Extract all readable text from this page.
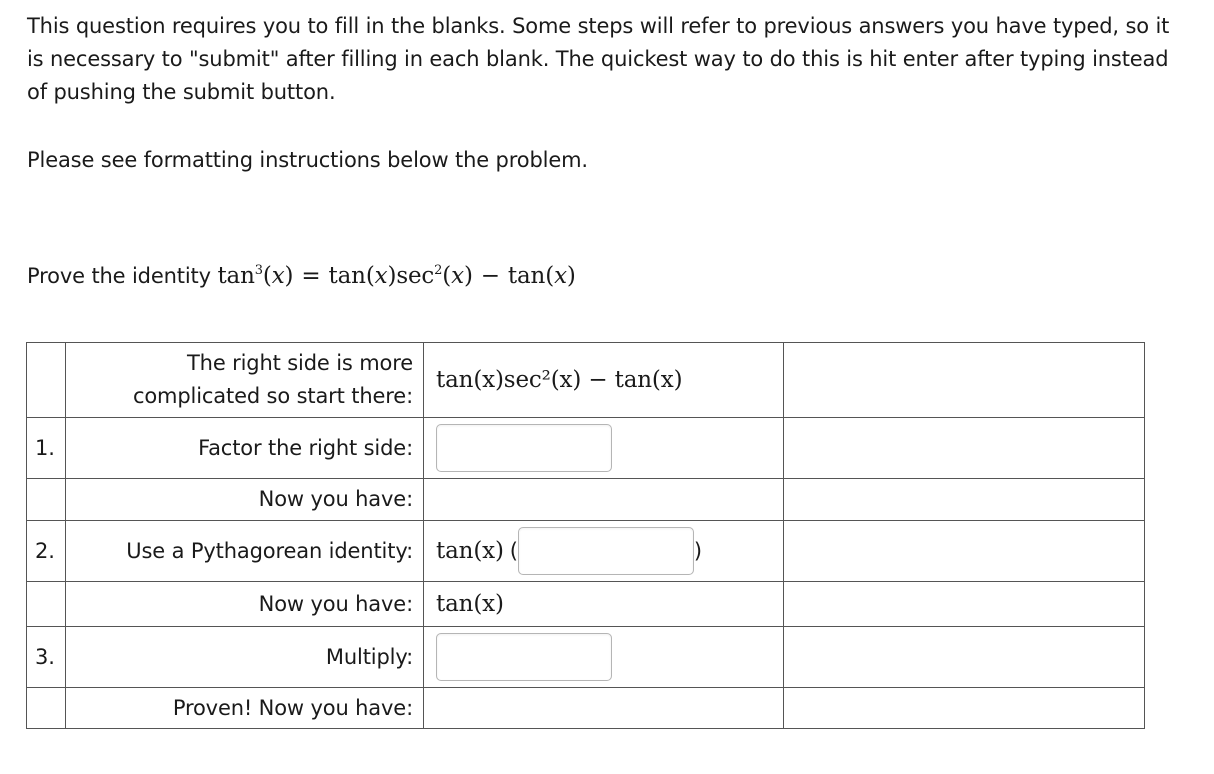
This question requires you to fill in the blanks. Some steps will refer to previous answers you have typed, so it is necessary to "submit" after filling in each blank. The quickest way to do this is hit enter after typing instead of pushing the submit button.

Please see formatting instructions below the problem.

Prove the identity $\tan^3(x) = \tan(x)\sec^2(x) - \tan(x)$
	The right side is more complicated so start there:	tan(x)sec²(x) − tan(x)	
1.	Factor the right side:		
	Now you have:		
2.	Use a Pythagorean identity:	tan(x) ( )	
	Now you have:	tan(x)	
3.	Multiply:		
	Proven! Now you have:		
